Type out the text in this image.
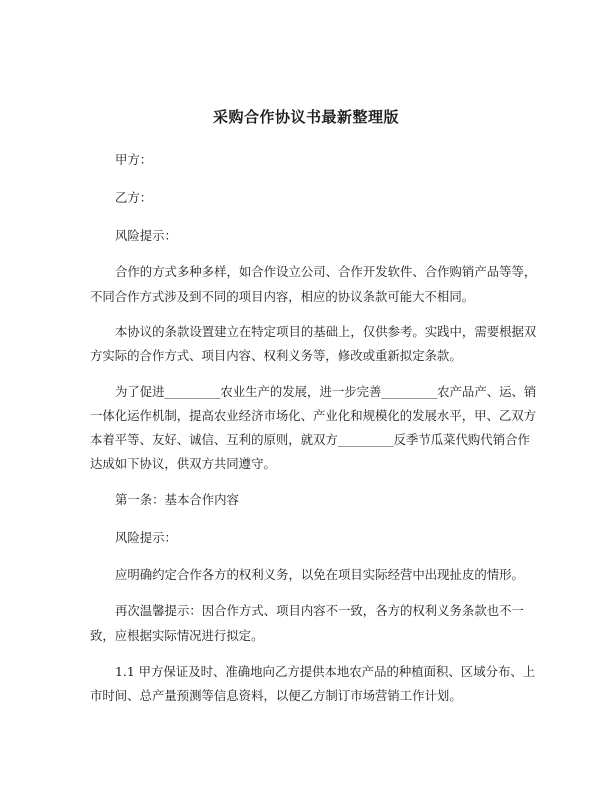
采购合作协议书最新整理版
甲方：
乙方：
风险提示：
合作的方式多种多样，如合作设立公司、合作开发软件、合作购销产品等等，
不同合作方式涉及到不同的项目内容，相应的协议条款可能大不相同。
本协议的条款设置建立在特定项目的基础上，仅供参考。实践中，需要根据双
方实际的合作方式、项目内容、权利义务等，修改或重新拟定条款。
为了促进_________农业生产的发展，进一步完善_________农产品产、运、销
一体化运作机制，提高农业经济市场化、产业化和规模化的发展水平，甲、乙双方
本着平等、友好、诚信、互利的原则，就双方_________反季节瓜菜代购代销合作
达成如下协议，供双方共同遵守。
第一条：基本合作内容
风险提示：
应明确约定合作各方的权利义务，以免在项目实际经营中出现扯皮的情形。
再次温馨提示：因合作方式、项目内容不一致，各方的权利义务条款也不一
致，应根据实际情况进行拟定。
1.1 甲方保证及时、准确地向乙方提供本地农产品的种植面积、区域分布、上
市时间、总产量预测等信息资料，以便乙方制订市场营销工作计划。
